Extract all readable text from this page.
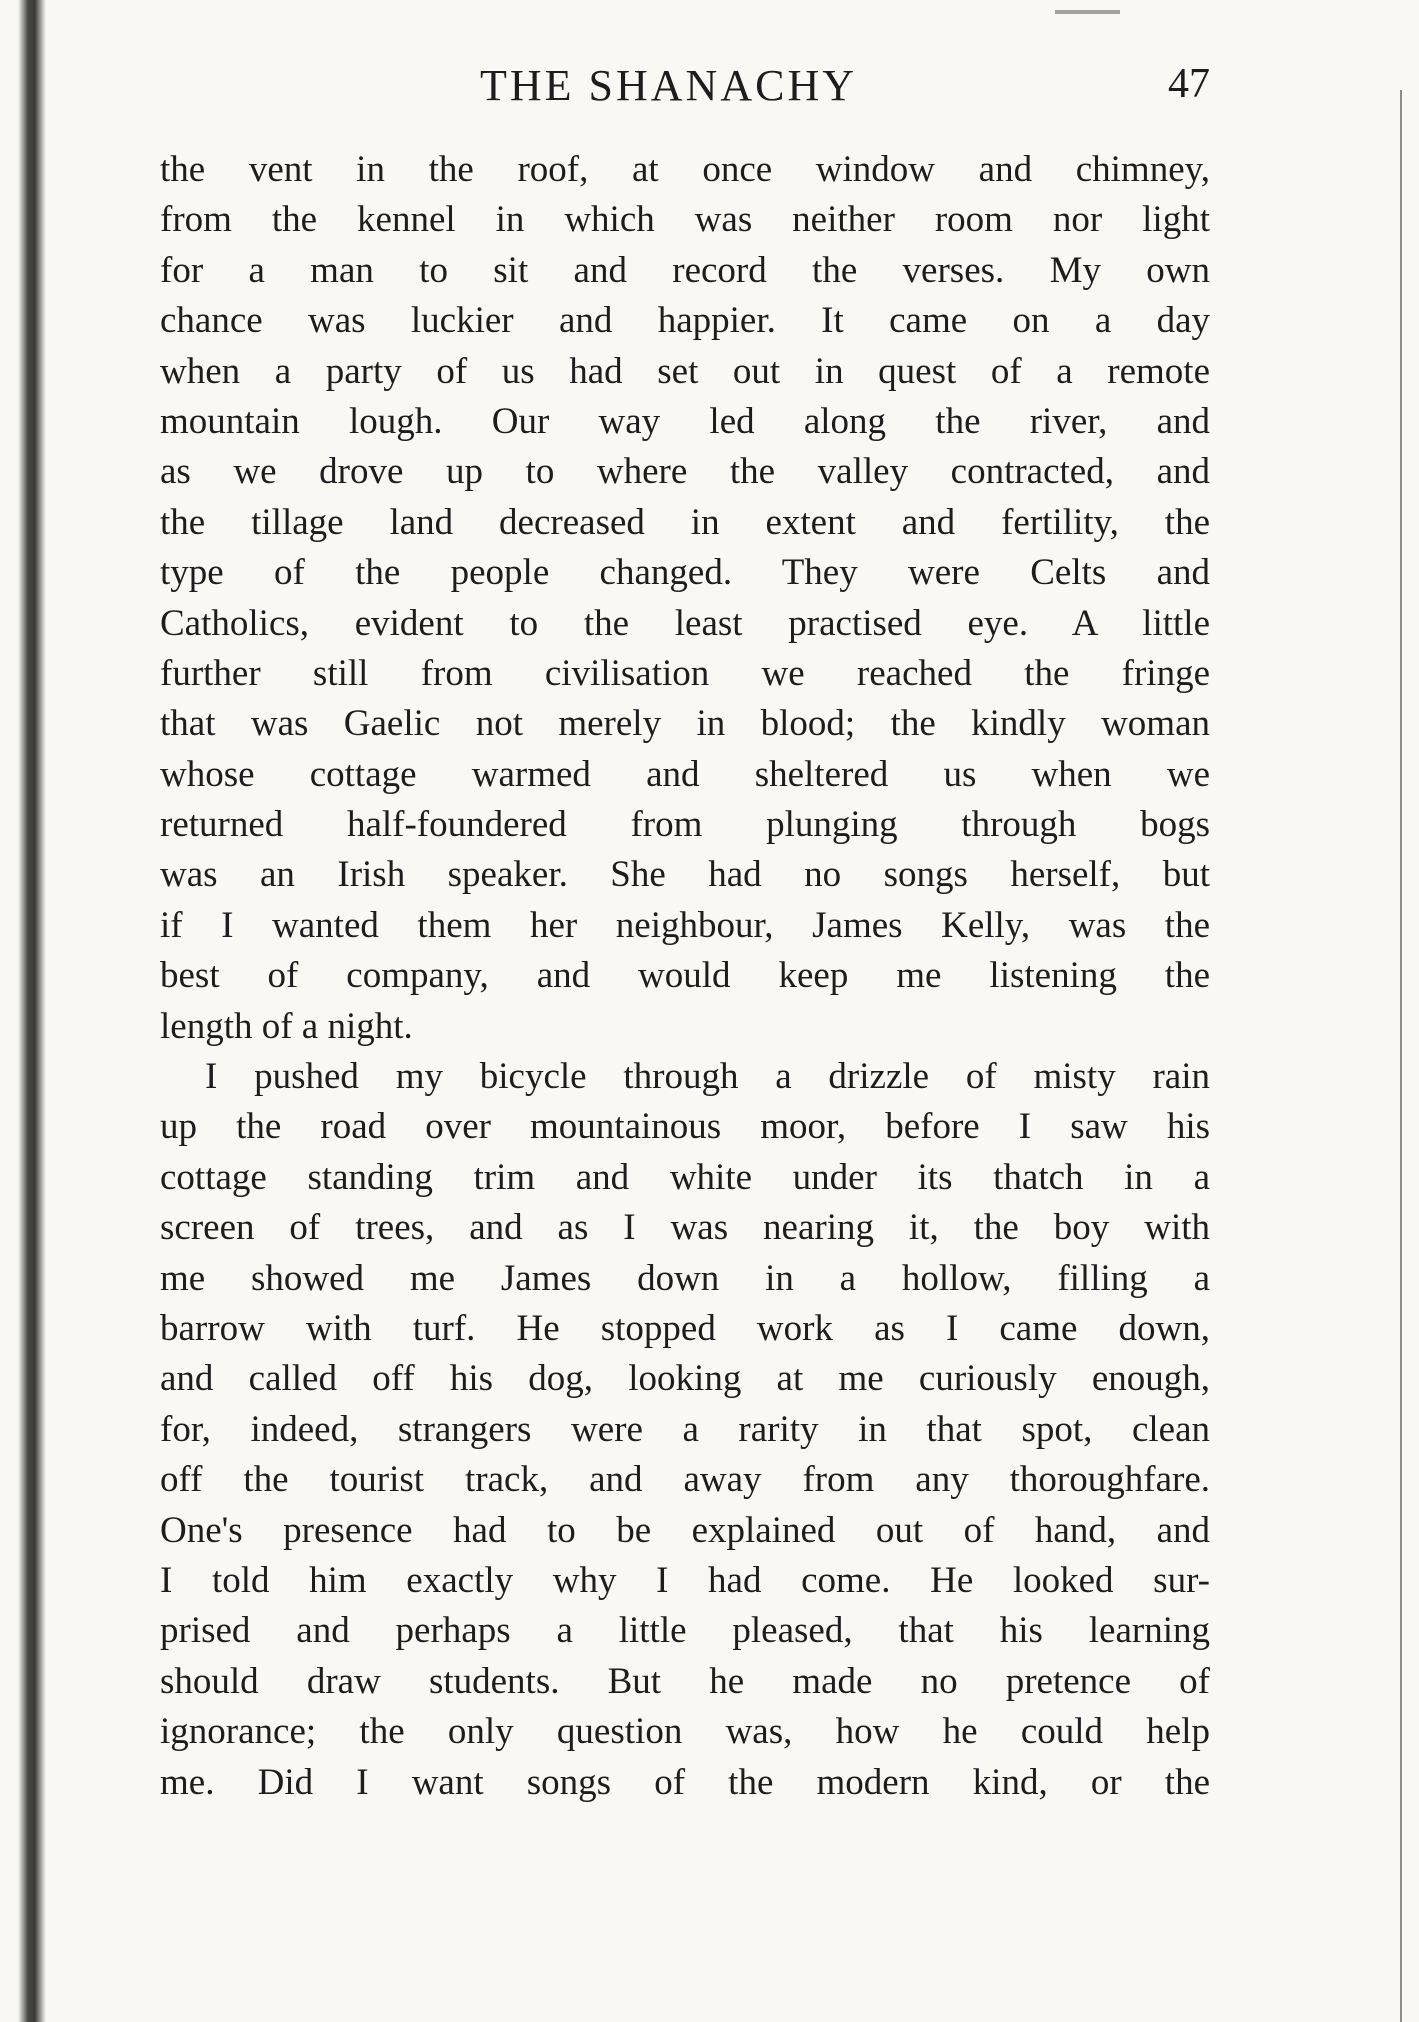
THE SHANACHY	47
the vent in the roof, at once window and chimney,
from the kennel in which was neither room nor light
for a man to sit and record the verses. My own
chance was luckier and happier. It came on a day
when a party of us had set out in quest of a remote
mountain lough. Our way led along the river, and
as we drove up to where the valley contracted, and
the tillage land decreased in extent and fertility, the
type of the people changed. They were Celts and
Catholics, evident to the least practised eye. A little
further still from civilisation we reached the fringe
that was Gaelic not merely in blood; the kindly woman
whose cottage warmed and sheltered us when we
returned half-foundered from plunging through bogs
was an Irish speaker. She had no songs herself, but
if I wanted them her neighbour, James Kelly, was the
best of company, and would keep me listening the
length of a night.
I pushed my bicycle through a drizzle of misty rain
up the road over mountainous moor, before I saw his
cottage standing trim and white under its thatch in a
screen of trees, and as I was nearing it, the boy with
me showed me James down in a hollow, filling a
barrow with turf. He stopped work as I came down,
and called off his dog, looking at me curiously enough,
for, indeed, strangers were a rarity in that spot, clean
off the tourist track, and away from any thoroughfare.
One's presence had to be explained out of hand, and
I told him exactly why I had come. He looked sur-
prised and perhaps a little pleased, that his learning
should draw students. But he made no pretence of
ignorance; the only question was, how he could help
me. Did I want songs of the modern kind, or the
